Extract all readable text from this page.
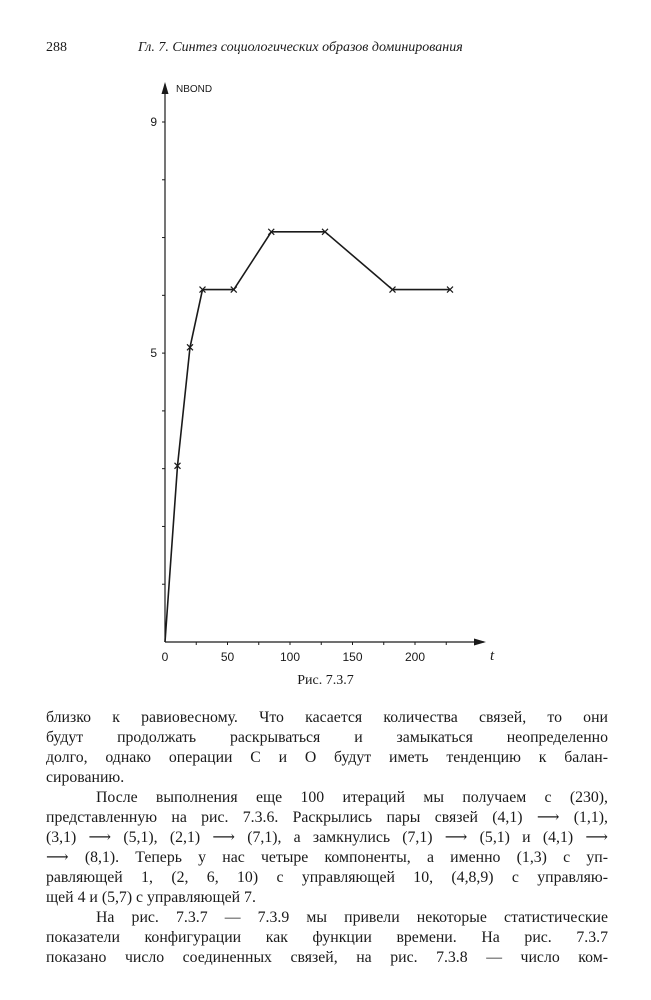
288	Гл. 7. Синтез социологических образов доминирования
0	50	100	150	200
5
9
NBOND
t
Рис. 7.3.7
близко к равиовесному. Что касается количества связей, то они
будут продолжать раскрываться и замыкаться неопределенно
долго, однако операции C и O будут иметь тенденцию к балан-
сированию.
После выполнения еще 100 итераций мы получаем c (230),
представленную на рис. 7.3.6. Раскрылись пары связей (4,1) ⟶ (1,1),
(3,1) ⟶ (5,1), (2,1) ⟶ (7,1), а замкнулись (7,1) ⟶ (5,1) и (4,1) ⟶
⟶ (8,1). Теперь у нас четыре компоненты, а именно (1,3) с уп-
равляющей 1, (2, 6, 10) с управляющей 10, (4,8,9) с управляю-
щей 4 и (5,7) с управляющей 7.
На рис. 7.3.7 — 7.3.9 мы привели некоторые статистические
показатели конфигурации как функции времени. На рис. 7.3.7
показано число соединенных связей, на рис. 7.3.8 — число ком-
